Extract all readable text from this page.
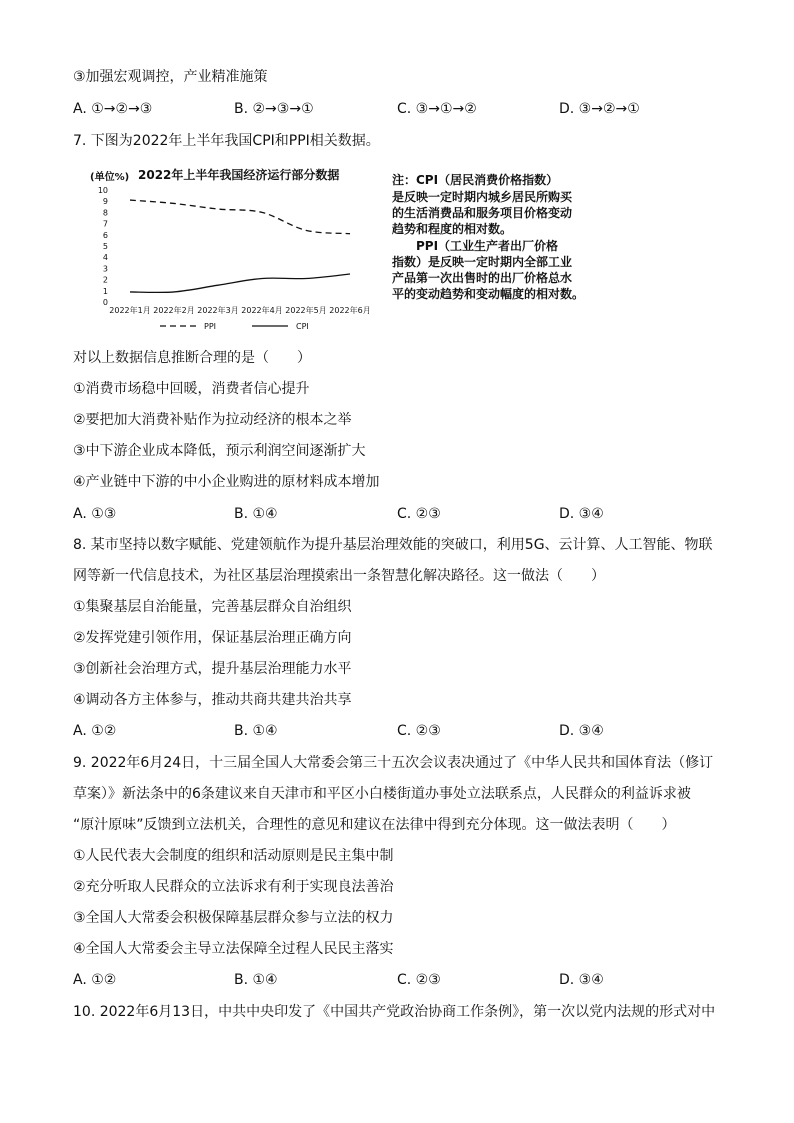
③加强宏观调控，产业精准施策
A. ①→②→③	B. ②→③→①	C. ③→①→②	D. ③→②→①
7. 下图为2022年上半年我国CPI和PPI相关数据。
(单位%) 2022年上半年我国经济运行部分数据
0
1
2
3
4
5
6
7
8
9
10
2022年1月 2022年2月 2022年3月 2022年4月 2022年5月 2022年6月
PPI	CPI
对以上数据信息推断合理的是（　　）
①消费市场稳中回暖，消费者信心提升
②要把加大消费补贴作为拉动经济的根本之举
③中下游企业成本降低，预示利润空间逐渐扩大
④产业链中下游的中小企业购进的原材料成本增加
A. ①③	B. ①④	C. ②③	D. ③④
8. 某市坚持以数字赋能、党建领航作为提升基层治理效能的突破口，利用5G、云计算、人工智能、物联
网等新一代信息技术，为社区基层治理摸索出一条智慧化解决路径。这一做法（　　）
①集聚基层自治能量，完善基层群众自治组织
②发挥党建引领作用，保证基层治理正确方向
③创新社会治理方式，提升基层治理能力水平
④调动各方主体参与，推动共商共建共治共享
A. ①②	B. ①④	C. ②③	D. ③④
9. 2022年6月24日，十三届全国人大常委会第三十五次会议表决通过了《中华人民共和国体育法（修订
草案）》新法条中的6条建议来自天津市和平区小白楼街道办事处立法联系点，人民群众的利益诉求被
“原汁原味”反馈到立法机关，合理性的意见和建议在法律中得到充分体现。这一做法表明（　　）
①人民代表大会制度的组织和活动原则是民主集中制
②充分听取人民群众的立法诉求有利于实现良法善治
③全国人大常委会积极保障基层群众参与立法的权力
④全国人大常委会主导立法保障全过程人民民主落实
A. ①②	B. ①④	C. ②③	D. ③④
10. 2022年6月13日，中共中央印发了《中国共产党政治协商工作条例》，第一次以党内法规的形式对中
注：CPI（居民消费价格指数）
是反映一定时期内城乡居民所购买
的生活消费品和服务项目价格变动
趋势和程度的相对数。
　　PPI（工业生产者出厂价格
指数）是反映一定时期内全部工业
产品第一次出售时的出厂价格总水
平的变动趋势和变动幅度的相对数。
